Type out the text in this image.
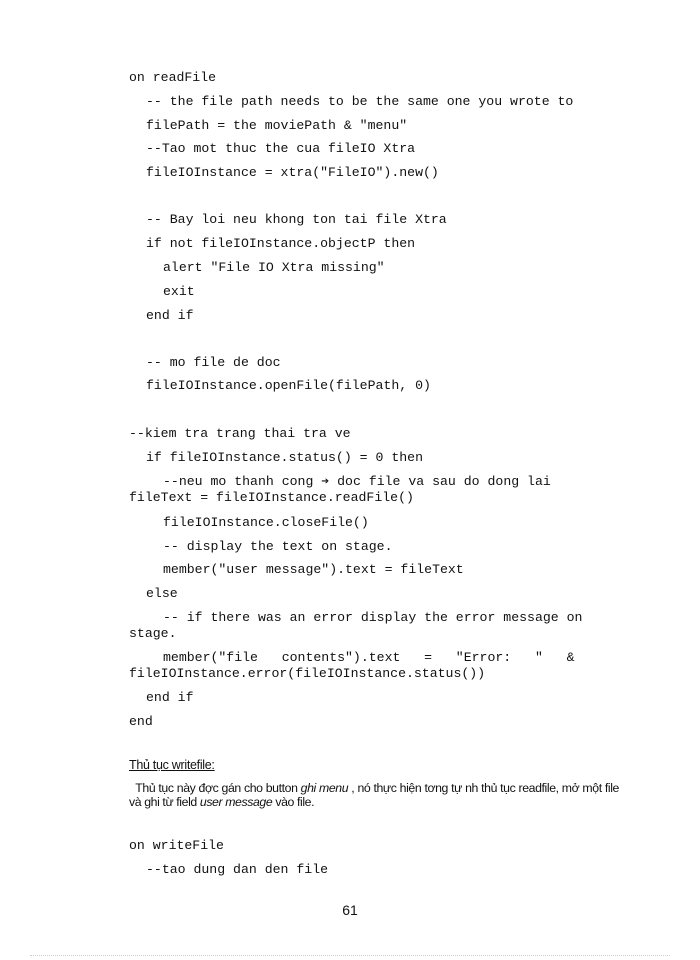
on readFile
-- the file path needs to be the same one you wrote to
filePath = the moviePath & "menu"
--Tao mot thuc the cua fileIO Xtra
fileIOInstance = xtra("FileIO").new()
-- Bay loi neu khong ton tai file Xtra
if not fileIOInstance.objectP then
alert "File IO Xtra missing"
exit
end if
-- mo file de doc
fileIOInstance.openFile(filePath, 0)
--kiem tra trang thai tra ve
if fileIOInstance.status() = 0 then
--neu mo thanh cong ➔ doc file va sau do dong lai
fileText = fileIOInstance.readFile()
fileIOInstance.closeFile()
-- display the text on stage.
member("user message").text = fileText
else
-- if there was an error display the error message on
stage.
member("file   contents").text   =   "Error:   "   &
fileIOInstance.error(fileIOInstance.status())
end if
end
Thủ tục writefile:
Thủ tục này đợc gán cho button ghi menu , nó thực hiện tơng tự nh thủ tục readfile, mở một file và ghi từ field user message vào file.
on writeFile
--tao dung dan den file
61
